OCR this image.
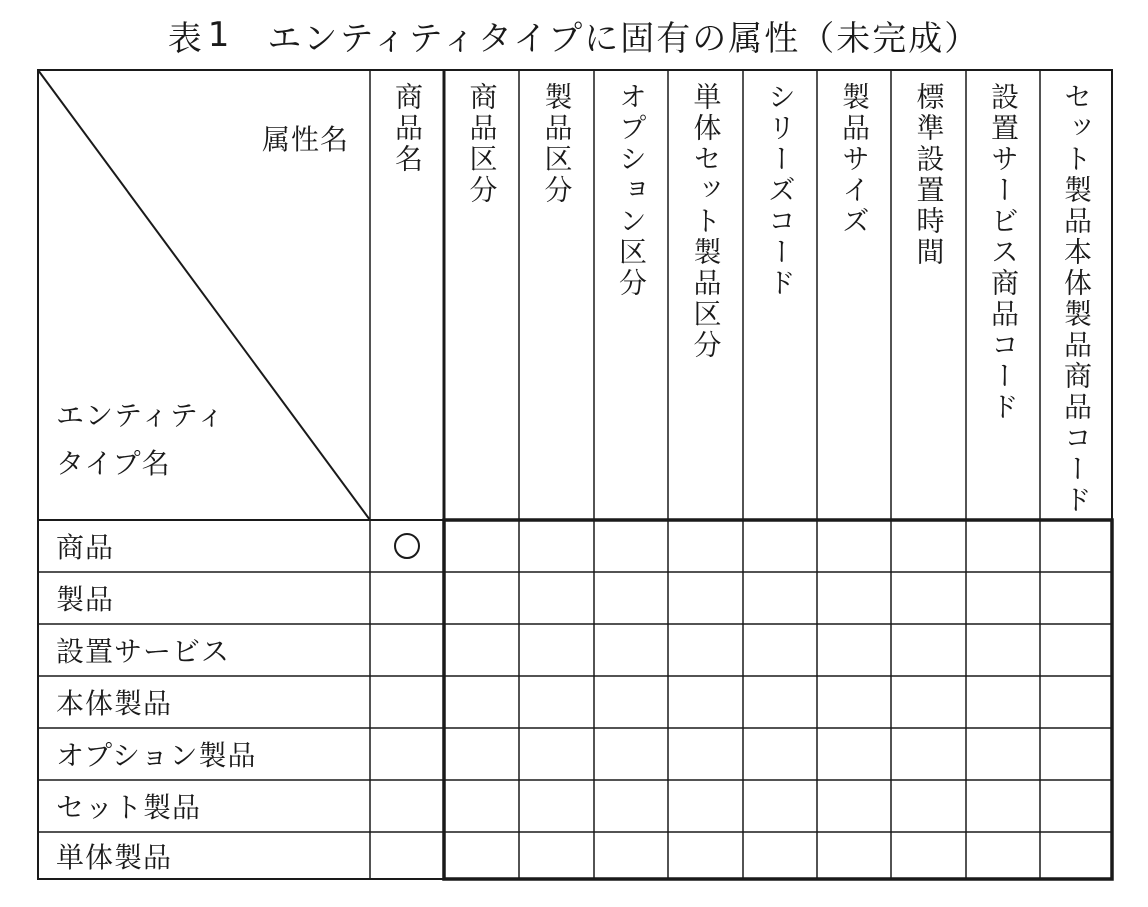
表 1 エンティティタイプに固有の属性（未完成）
属性名
エンティティ
タイプ名
商品名 商品区分 製品区分 オプション区分 単体セット製品区分 シリーズコード 製品サイズ 標準設置時間 設置サービス商品コード セット製品本体製品商品コード
商品
製品
設置サービス
本体製品
オプション製品
セット製品
単体製品
